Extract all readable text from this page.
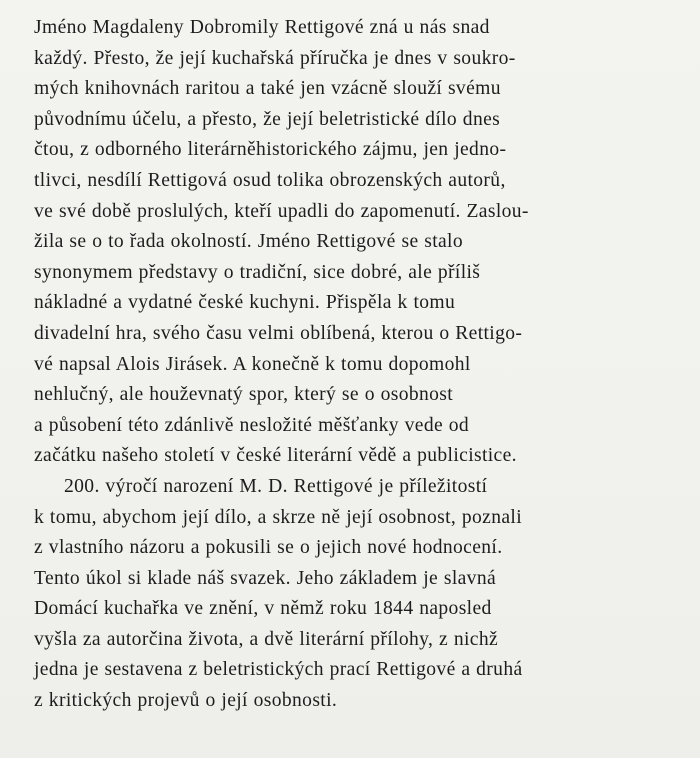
Jméno Magdaleny Dobromily Rettigové zná u nás snad
každý. Přesto, že její kuchařská příručka je dnes v soukro-
mých knihovnách raritou a také jen vzácně slouží svému
původnímu účelu, a přesto, že její beletristické dílo dnes
čtou, z odborného literárněhistorického zájmu, jen jedno-
tlivci, nesdílí Rettigová osud tolika obrozenských autorů,
ve své době proslulých, kteří upadli do zapomenutí. Zaslou-
žila se o to řada okolností. Jméno Rettigové se stalo
synonymem představy o tradiční, sice dobré, ale příliš
nákladné a vydatné české kuchyni. Přispěla k tomu
divadelní hra, svého času velmi oblíbená, kterou o Rettigo-
vé napsal Alois Jirásek. A konečně k tomu dopomohl
nehlučný, ale houževnatý spor, který se o osobnost
a působení této zdánlivě nesložité měšťanky vede od
začátku našeho století v české literární vědě a publicistice.
200. výročí narození M. D. Rettigové je příležitostí
k tomu, abychom její dílo, a skrze ně její osobnost, poznali
z vlastního názoru a pokusili se o jejich nové hodnocení.
Tento úkol si klade náš svazek. Jeho základem je slavná
Domácí kuchařka ve znění, v němž roku 1844 naposled
vyšla za autorčina života, a dvě literární přílohy, z nichž
jedna je sestavena z beletristických prací Rettigové a druhá
z kritických projevů o její osobnosti.
